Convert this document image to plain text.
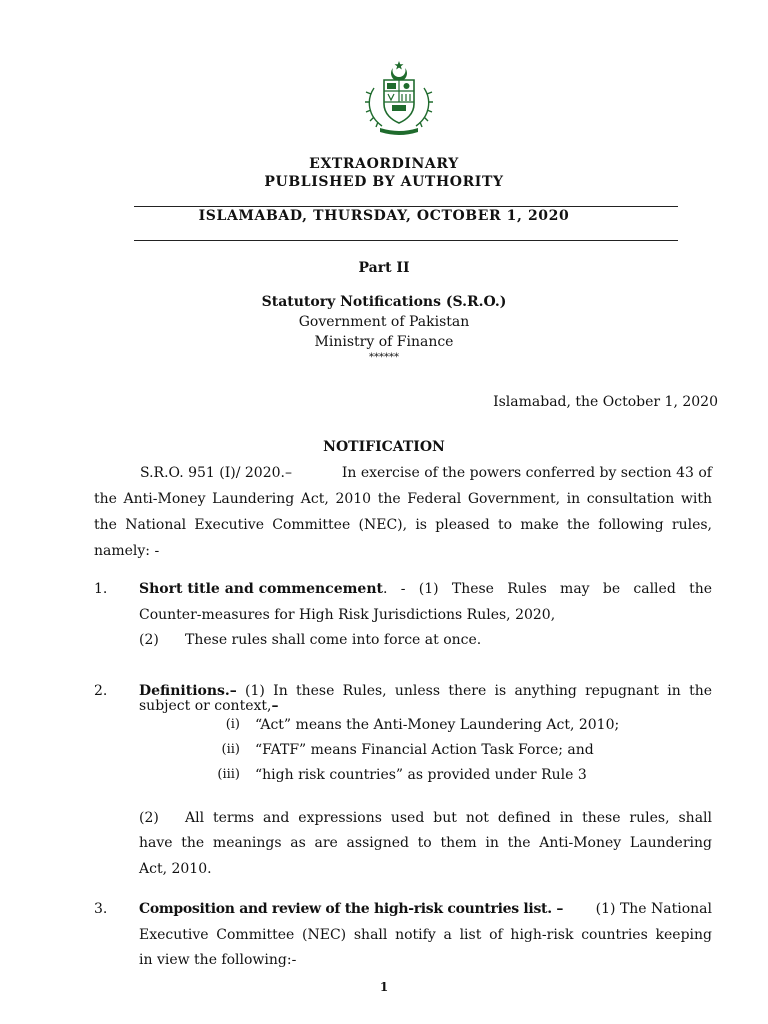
EXTRAORDINARY
PUBLISHED BY AUTHORITY
ISLAMABAD, THURSDAY, OCTOBER 1, 2020
Part II
Statutory Notifications (S.R.O.)
Government of Pakistan
Ministry of Finance
******
Islamabad, the October 1, 2020
NOTIFICATION
S.R.O. 951 (I)/ 2020.–	In exercise of the powers conferred by section 43 of
the Anti-Money Laundering Act, 2010 the Federal Government, in consultation with
the National Executive Committee (NEC), is pleased to make the following rules,
namely: -
1. Short title and commencement . - (1) These Rules may be called the
Counter-measures for High Risk Jurisdictions Rules, 2020,
(2) These rules shall come into force at once.
2. Definitions.– (1) In these Rules, unless there is anything repugnant in the
subject or context,–
(i) “Act” means the Anti-Money Laundering Act, 2010;
(ii) “FATF” means Financial Action Task Force; and
(iii) “high risk countries” as provided under Rule 3
(2) All terms and expressions used but not defined in these rules, shall
have the meanings as are assigned to them in the Anti-Money Laundering
Act, 2010.
3. Composition and review of the high-risk countries list. –	(1) The National
Executive Committee (NEC) shall notify a list of high-risk countries keeping
in view the following:-
1
